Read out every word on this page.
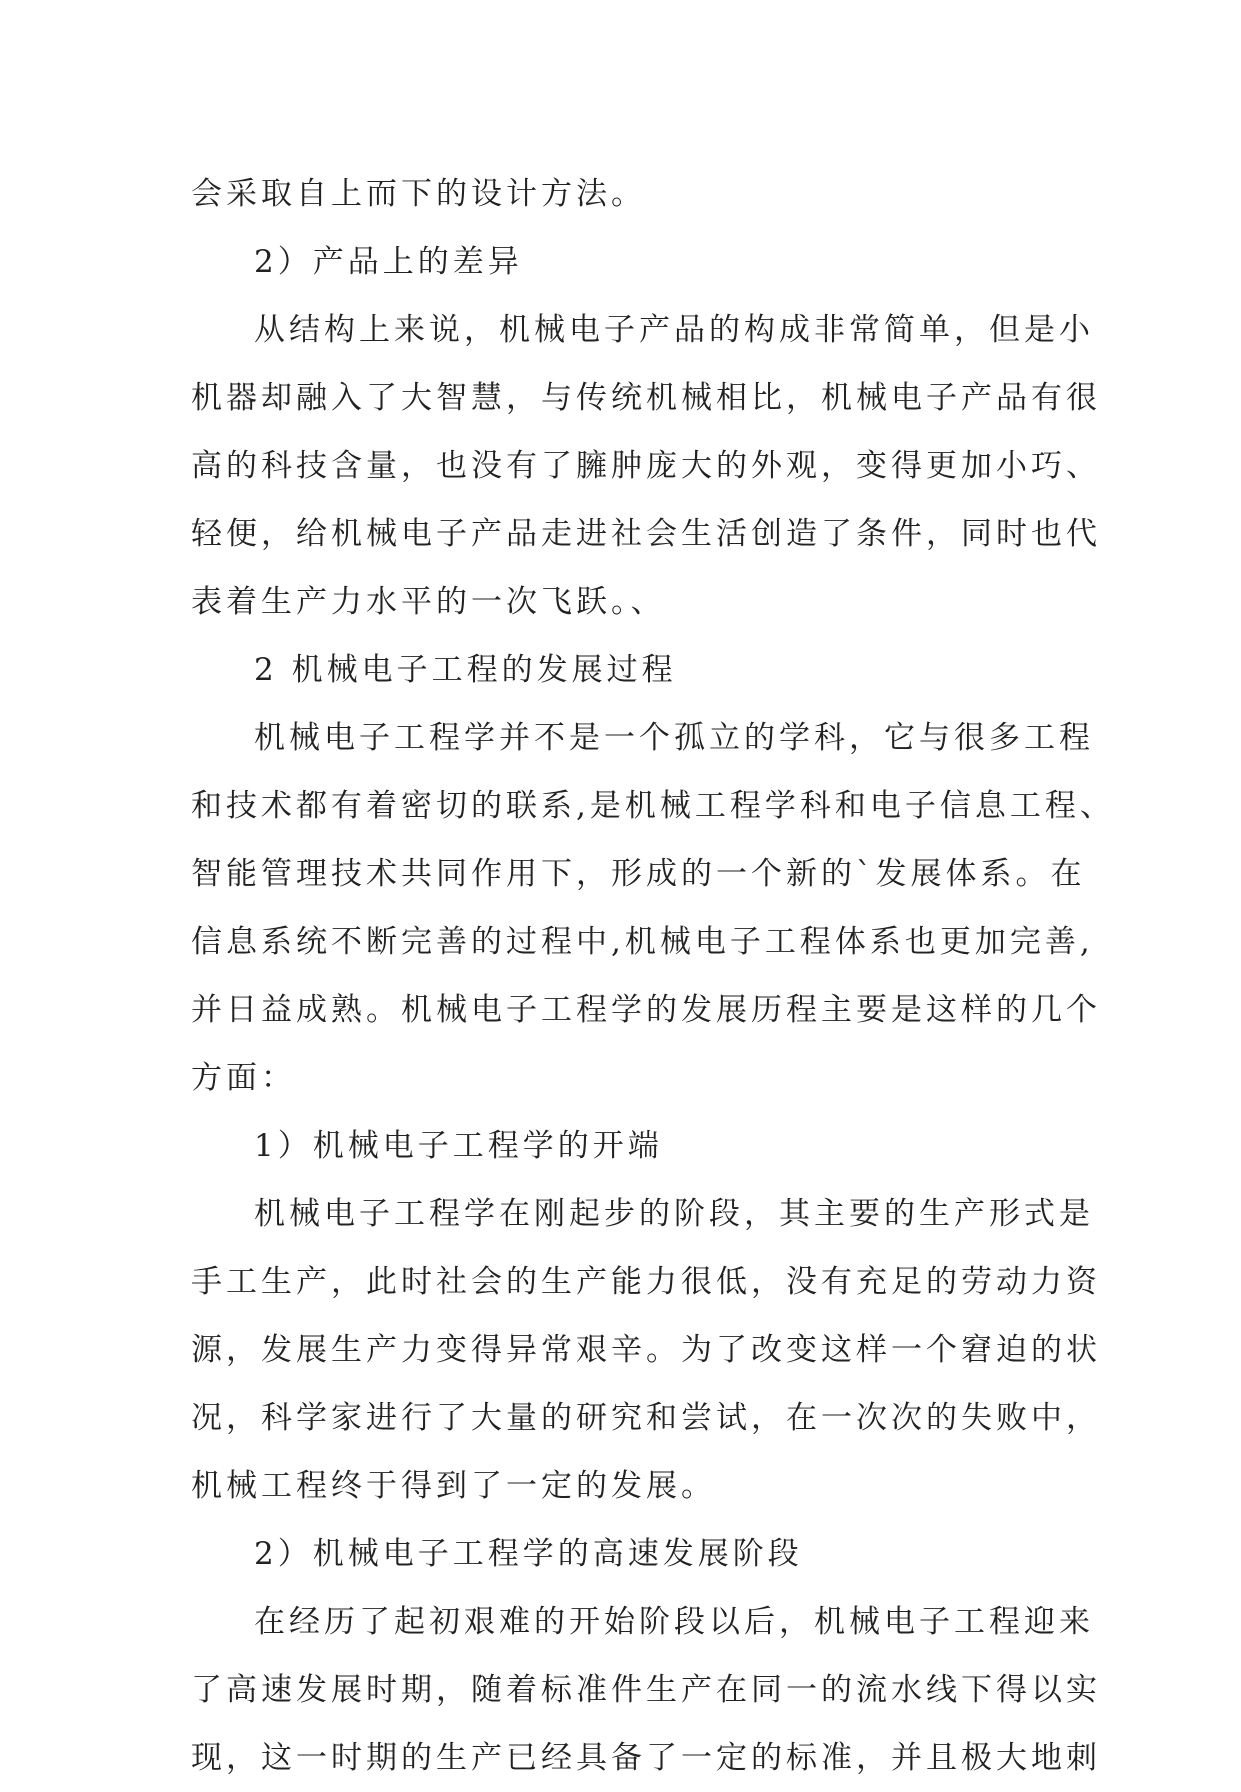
会采取自上而下的设计方法。
2）产品上的差异
从结构上来说，机械电子产品的构成非常简单，但是小
机器却融入了大智慧，与传统机械相比，机械电子产品有很
高的科技含量，也没有了臃肿庞大的外观，变得更加小巧、
轻便，给机械电子产品走进社会生活创造了条件，同时也代
表着生产力水平的一次飞跃。、
2 机械电子工程的发展过程
机械电子工程学并不是一个孤立的学科，它与很多工程
和技术都有着密切的联系,是机械工程学科和电子信息工程、
智能管理技术共同作用下，形成的一个新的`发展体系。在
信息系统不断完善的过程中,机械电子工程体系也更加完善,
并日益成熟。机械电子工程学的发展历程主要是这样的几个
方面：
1）机械电子工程学的开端
机械电子工程学在刚起步的阶段，其主要的生产形式是
手工生产，此时社会的生产能力很低，没有充足的劳动力资
源，发展生产力变得异常艰辛。为了改变这样一个窘迫的状
况，科学家进行了大量的研究和尝试，在一次次的失败中，
机械工程终于得到了一定的发展。
2）机械电子工程学的高速发展阶段
在经历了起初艰难的开始阶段以后，机械电子工程迎来
了高速发展时期，随着标准件生产在同一的流水线下得以实
现，这一时期的生产已经具备了一定的标准，并且极大地刺
